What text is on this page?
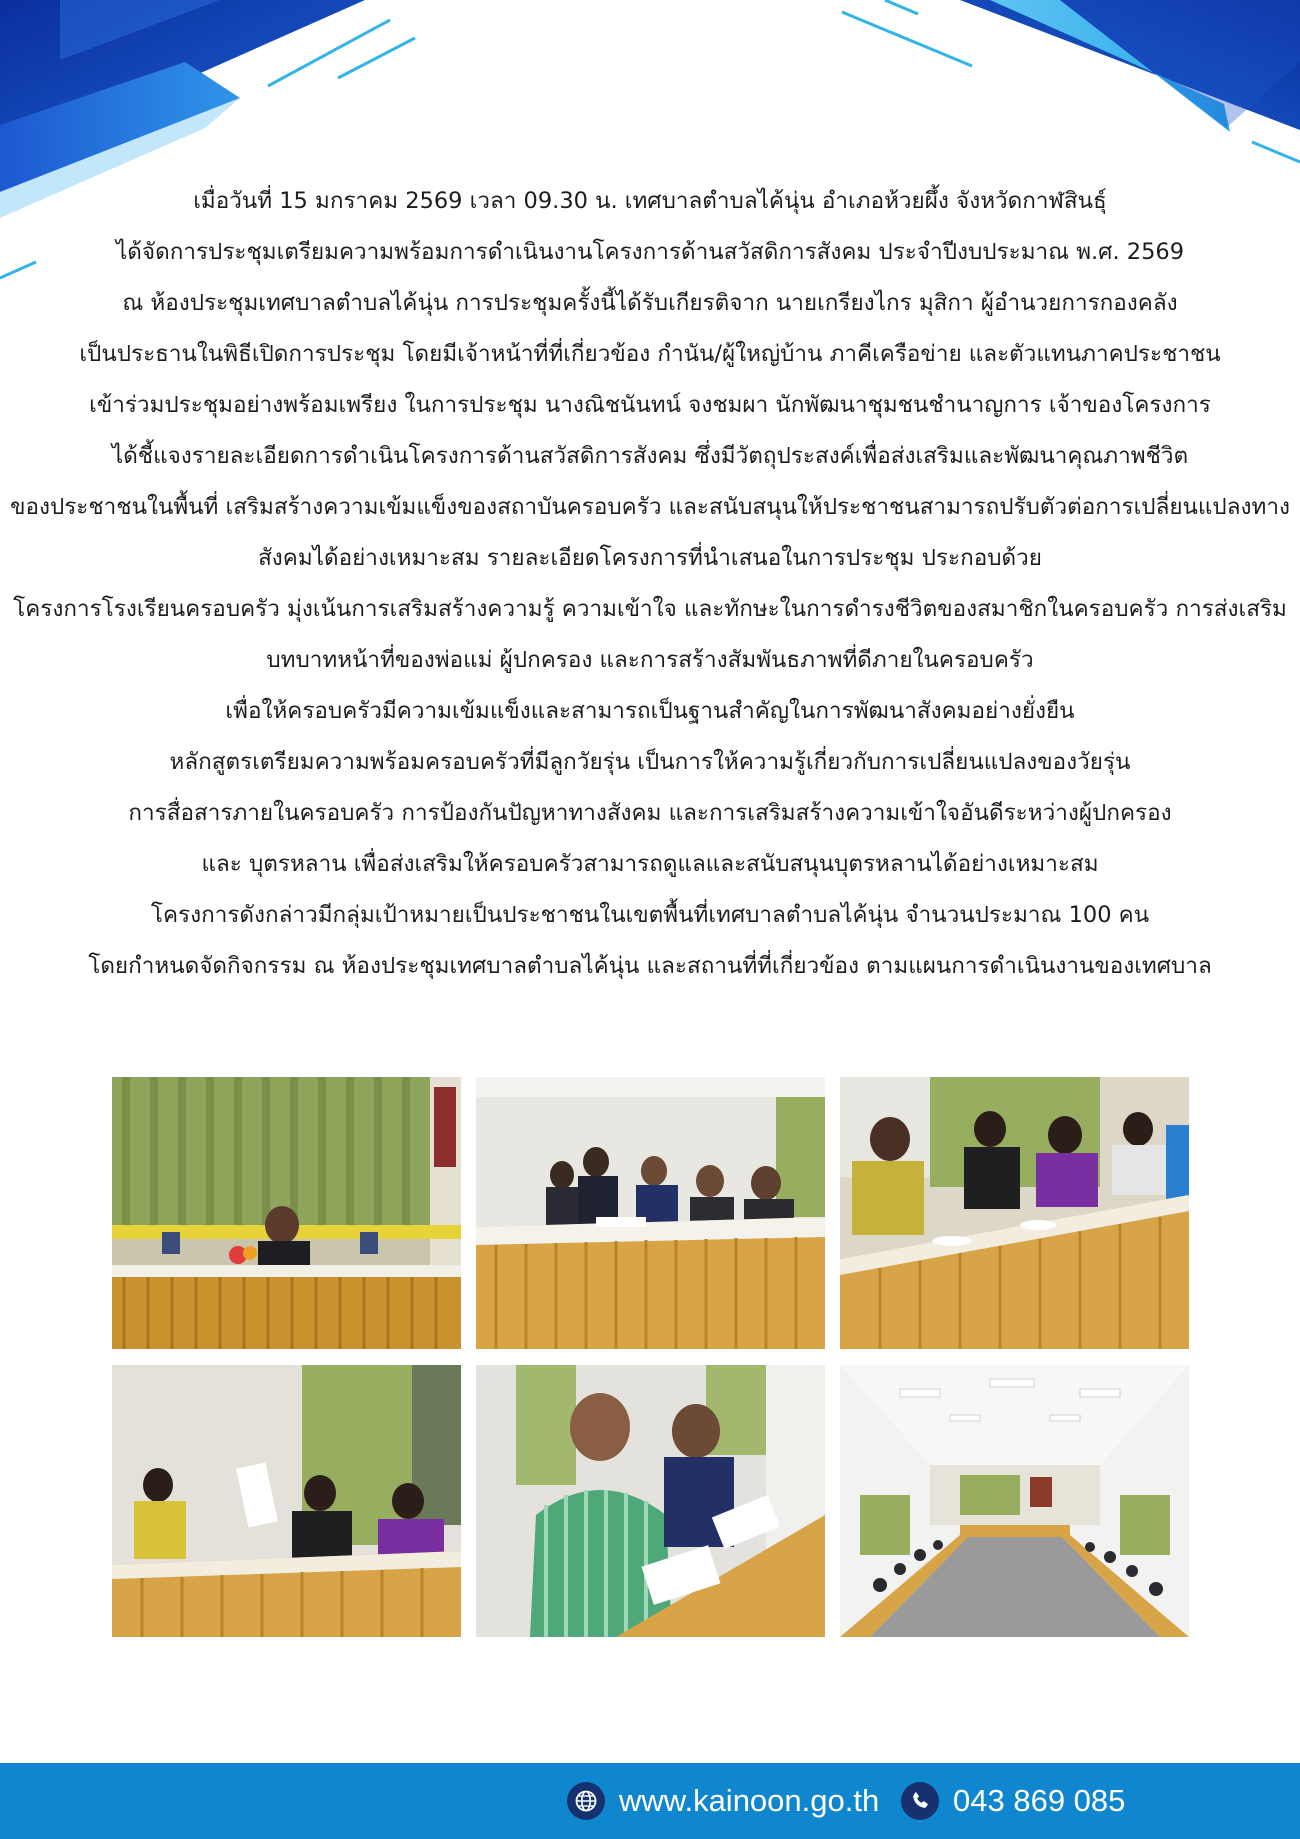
เมื่อวันที่ 15 มกราคม 2569 เวลา 09.30 น. เทศบาลตำบลไค้นุ่น อำเภอห้วยผึ้ง จังหวัดกาฬสินธุ์
ได้จัดการประชุมเตรียมความพร้อมการดำเนินงานโครงการด้านสวัสดิการสังคม ประจำปีงบประมาณ พ.ศ. 2569
ณ ห้องประชุมเทศบาลตำบลไค้นุ่น การประชุมครั้งนี้ได้รับเกียรติจาก นายเกรียงไกร มุสิกา ผู้อำนวยการกองคลัง
เป็นประธานในพิธีเปิดการประชุม โดยมีเจ้าหน้าที่ที่เกี่ยวข้อง กำนัน/ผู้ใหญ่บ้าน ภาคีเครือข่าย และตัวแทนภาคประชาชน
เข้าร่วมประชุมอย่างพร้อมเพรียง ในการประชุม นางณิชนันทน์ จงชมผา นักพัฒนาชุมชนชำนาญการ เจ้าของโครงการ
ได้ชี้แจงรายละเอียดการดำเนินโครงการด้านสวัสดิการสังคม ซึ่งมีวัตถุประสงค์เพื่อส่งเสริมและพัฒนาคุณภาพชีวิต
ของประชาชนในพื้นที่ เสริมสร้างความเข้มแข็งของสถาบันครอบครัว และสนับสนุนให้ประชาชนสามารถปรับตัวต่อการเปลี่ยนแปลงทาง
สังคมได้อย่างเหมาะสม รายละเอียดโครงการที่นำเสนอในการประชุม ประกอบด้วย
โครงการโรงเรียนครอบครัว มุ่งเน้นการเสริมสร้างความรู้ ความเข้าใจ และทักษะในการดำรงชีวิตของสมาชิกในครอบครัว การส่งเสริม
บทบาทหน้าที่ของพ่อแม่ ผู้ปกครอง และการสร้างสัมพันธภาพที่ดีภายในครอบครัว
เพื่อให้ครอบครัวมีความเข้มแข็งและสามารถเป็นฐานสำคัญในการพัฒนาสังคมอย่างยั่งยืน
หลักสูตรเตรียมความพร้อมครอบครัวที่มีลูกวัยรุ่น เป็นการให้ความรู้เกี่ยวกับการเปลี่ยนแปลงของวัยรุ่น
การสื่อสารภายในครอบครัว การป้องกันปัญหาทางสังคม และการเสริมสร้างความเข้าใจอันดีระหว่างผู้ปกครอง
และ บุตรหลาน เพื่อส่งเสริมให้ครอบครัวสามารถดูแลและสนับสนุนบุตรหลานได้อย่างเหมาะสม
โครงการดังกล่าวมีกลุ่มเป้าหมายเป็นประชาชนในเขตพื้นที่เทศบาลตำบลไค้นุ่น จำนวนประมาณ 100 คน
โดยกำหนดจัดกิจกรรม ณ ห้องประชุมเทศบาลตำบลไค้นุ่น และสถานที่ที่เกี่ยวข้อง ตามแผนการดำเนินงานของเทศบาล
www.kainoon.go.th 043 869 085
